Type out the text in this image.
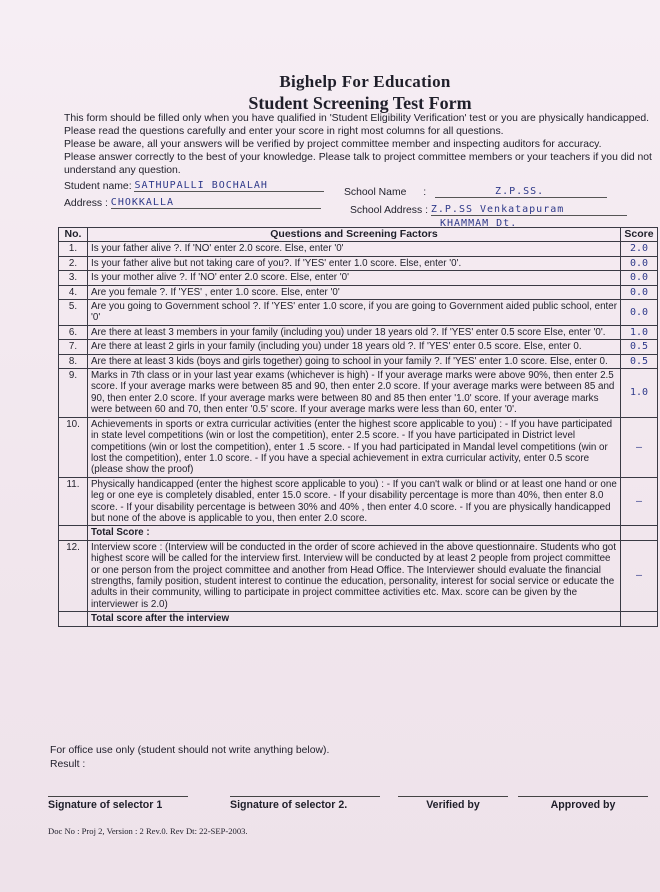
Bighelp For Education
Student Screening Test Form

This form should be filled only when you have qualified in 'Student Eligibility Verification' test or you are physically handicapped. Please read the questions carefully and enter your score in right most columns for all questions.

Please be aware, all your answers will be verified by project committee member and inspecting auditors for accuracy.

Please answer correctly to the best of your knowledge. Please talk to project committee members or your teachers if you did not understand any question.

Student name: SATHUPALLI BOCHALAH
School Name :	Z.P.SS.
Address : CHOKKALLA
School Address : Z.P.SS Venkatapuram
KHAMMAM Dt.
No.	Questions and Screening Factors	Score
1.	Is your father alive ?. If 'NO' enter 2.0 score. Else, enter '0'	2.0
2.	Is your father alive but not taking care of you?. If 'YES' enter 1.0 score. Else, enter '0'.	0.0
3.	Is your mother alive ?. If 'NO' enter 2.0 score. Else, enter '0'	0.0
4.	Are you female ?. If 'YES' , enter 1.0 score. Else, enter '0'	0.0
5.	Are you going to Government school ?. If 'YES' enter 1.0 score, if you are going to Government aided public school, enter '0'	0.0
6.	Are there at least 3 members in your family (including you) under 18 years old ?. If 'YES' enter 0.5 score Else, enter '0'.	1.0
7.	Are there at least 2 girls in your family (including you) under 18 years old ?. If 'YES' enter 0.5 score. Else, enter 0.	0.5
8.	Are there at least 3 kids (boys and girls together) going to school in your family ?. If 'YES' enter 1.0 score. Else, enter 0.	0.5
9.	Marks in 7th class or in your last year exams (whichever is high) - If your average marks were above 90%, then enter 2.5 score. If your average marks were between 85 and 90, then enter 2.0 score. If your average marks were between 85 and 90, then enter 2.0 score. If your average marks were between 80 and 85 then enter '1.0' score. If your average marks were between 60 and 70, then enter '0.5' score. If your average marks were less than 60, enter '0'.	1.0
10.	Achievements in sports or extra curricular activities (enter the highest score applicable to you) : - If you have participated in state level competitions (win or lost the competition), enter 2.5 score. - If you have participated in District level competitions (win or lost the competition), enter 1 .5 score. - If you had participated in Mandal level competitions (win or lost the competition), enter 1.0 score. - If you have a special achievement in extra curricular activity, enter 0.5 score (please show the proof)	—
11.	Physically handicapped (enter the highest score applicable to you) : - If you can't walk or blind or at least one hand or one leg or one eye is completely disabled, enter 15.0 score. - If your disability percentage is more than 40%, then enter 8.0 score. - If your disability percentage is between 30% and 40% , then enter 4.0 score. - If you are physically handicapped but none of the above is applicable to you, then enter 2.0 score.	—
	Total Score :	
12.	Interview score : (Interview will be conducted in the order of score achieved in the above questionnaire. Students who got highest score will be called for the interview first. Interview will be conducted by at least 2 people from project committee or one person from the project committee and another from Head Office. The Interviewer should evaluate the financial strengths, family position, student interest to continue the education, personality, interest for social service or educate the adults in their community, willing to participate in project committee activities etc. Max. score can be given by the interviewer is 2.0)	—
	Total score after the interview	
For office use only (student should not write anything below).
Result :
Signature of selector 1	Signature of selector 2.	Verified by	Approved by
Doc No : Proj 2, Version : 2 Rev.0. Rev Dt: 22-SEP-2003.
